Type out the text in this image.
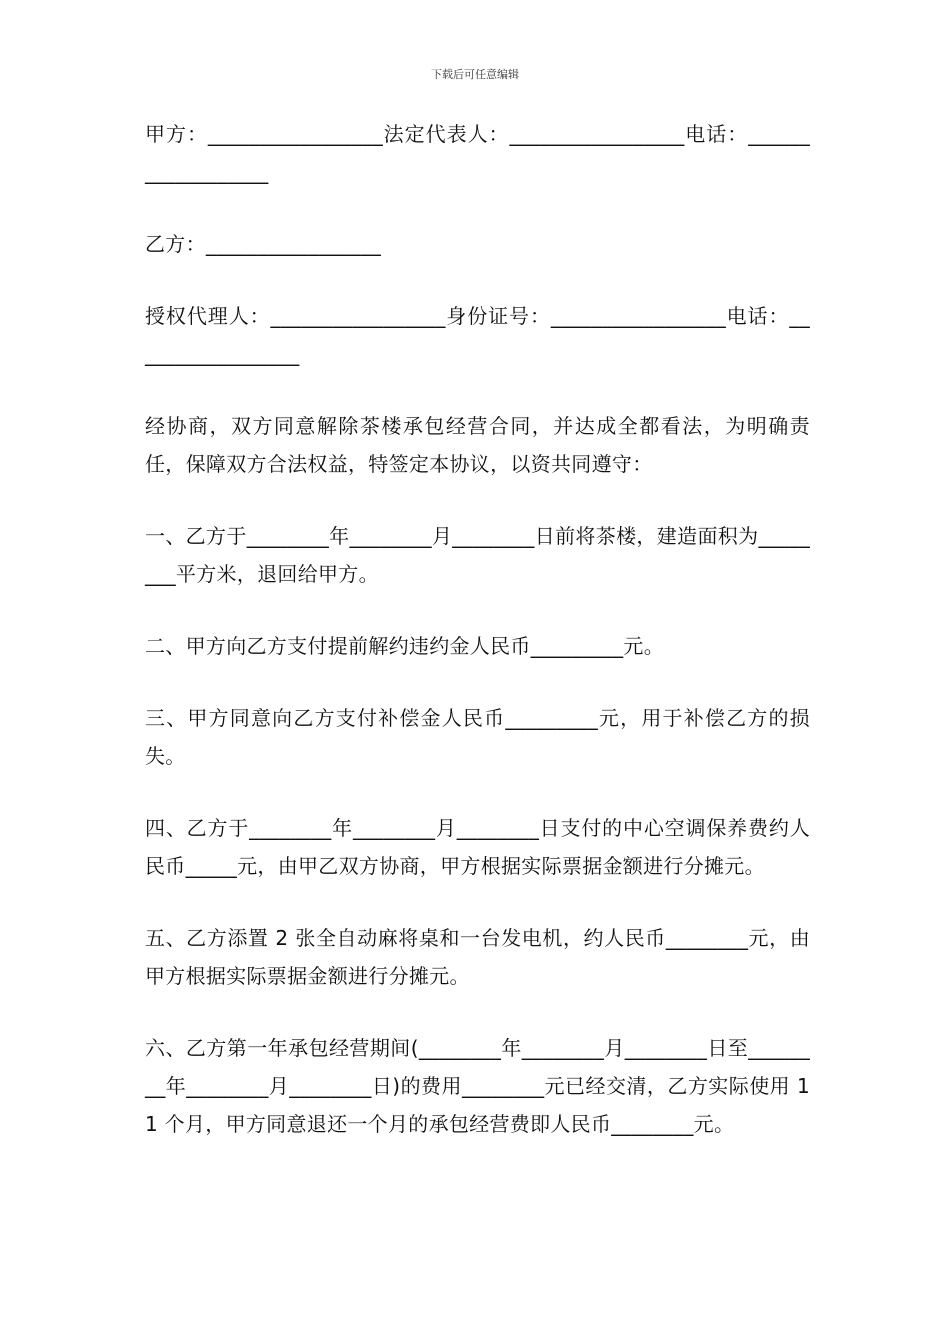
下载后可任意编辑

甲方：_________________法定代表人：_________________电话：__________________

乙方：_________________

授权代理人：_________________身份证号：_________________电话：_________________

经协商，双方同意解除茶楼承包经营合同，并达成全都看法，为明确责任，保障双方合法权益，特签定本协议，以资共同遵守：

一、乙方于________年________月________日前将茶楼，建造面积为________平方米，退回给甲方。

二、甲方向乙方支付提前解约违约金人民币_________元。

三、甲方同意向乙方支付补偿金人民币_________元，用于补偿乙方的损失。

四、乙方于________年________月________日支付的中心空调保养费约人民币_____元，由甲乙双方协商，甲方根据实际票据金额进行分摊元。

五、乙方添置 2 张全自动麻将桌和一台发电机，约人民币________元，由甲方根据实际票据金额进行分摊元。

六、乙方第一年承包经营期间(________年________月________日至________年________月________日)的费用________元已经交清，乙方实际使用 11 个月，甲方同意退还一个月的承包经营费即人民币________元。
